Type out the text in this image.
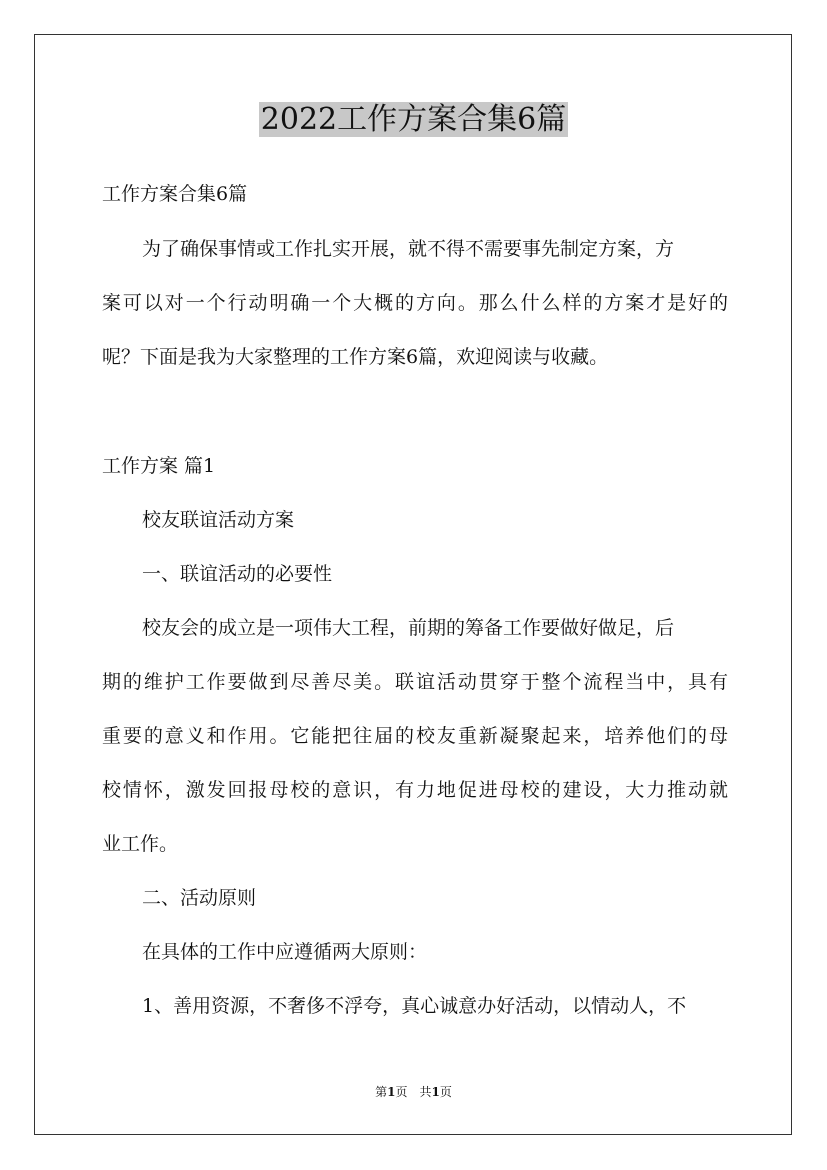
2022工作方案合集6篇
工作方案合集6篇
为了确保事情或工作扎实开展，就不得不需要事先制定方案，方
案可以对一个行动明确一个大概的方向。那么什么样的方案才是好的
呢？下面是我为大家整理的工作方案6篇，欢迎阅读与收藏。
工作方案 篇1
校友联谊活动方案
一、联谊活动的必要性
校友会的成立是一项伟大工程，前期的筹备工作要做好做足，后
期的维护工作要做到尽善尽美。联谊活动贯穿于整个流程当中，具有
重要的意义和作用。它能把往届的校友重新凝聚起来，培养他们的母
校情怀，激发回报母校的意识，有力地促进母校的建设，大力推动就
业工作。
二、活动原则
在具体的工作中应遵循两大原则：
1、善用资源，不奢侈不浮夸，真心诚意办好活动，以情动人，不
第1页　共1页
